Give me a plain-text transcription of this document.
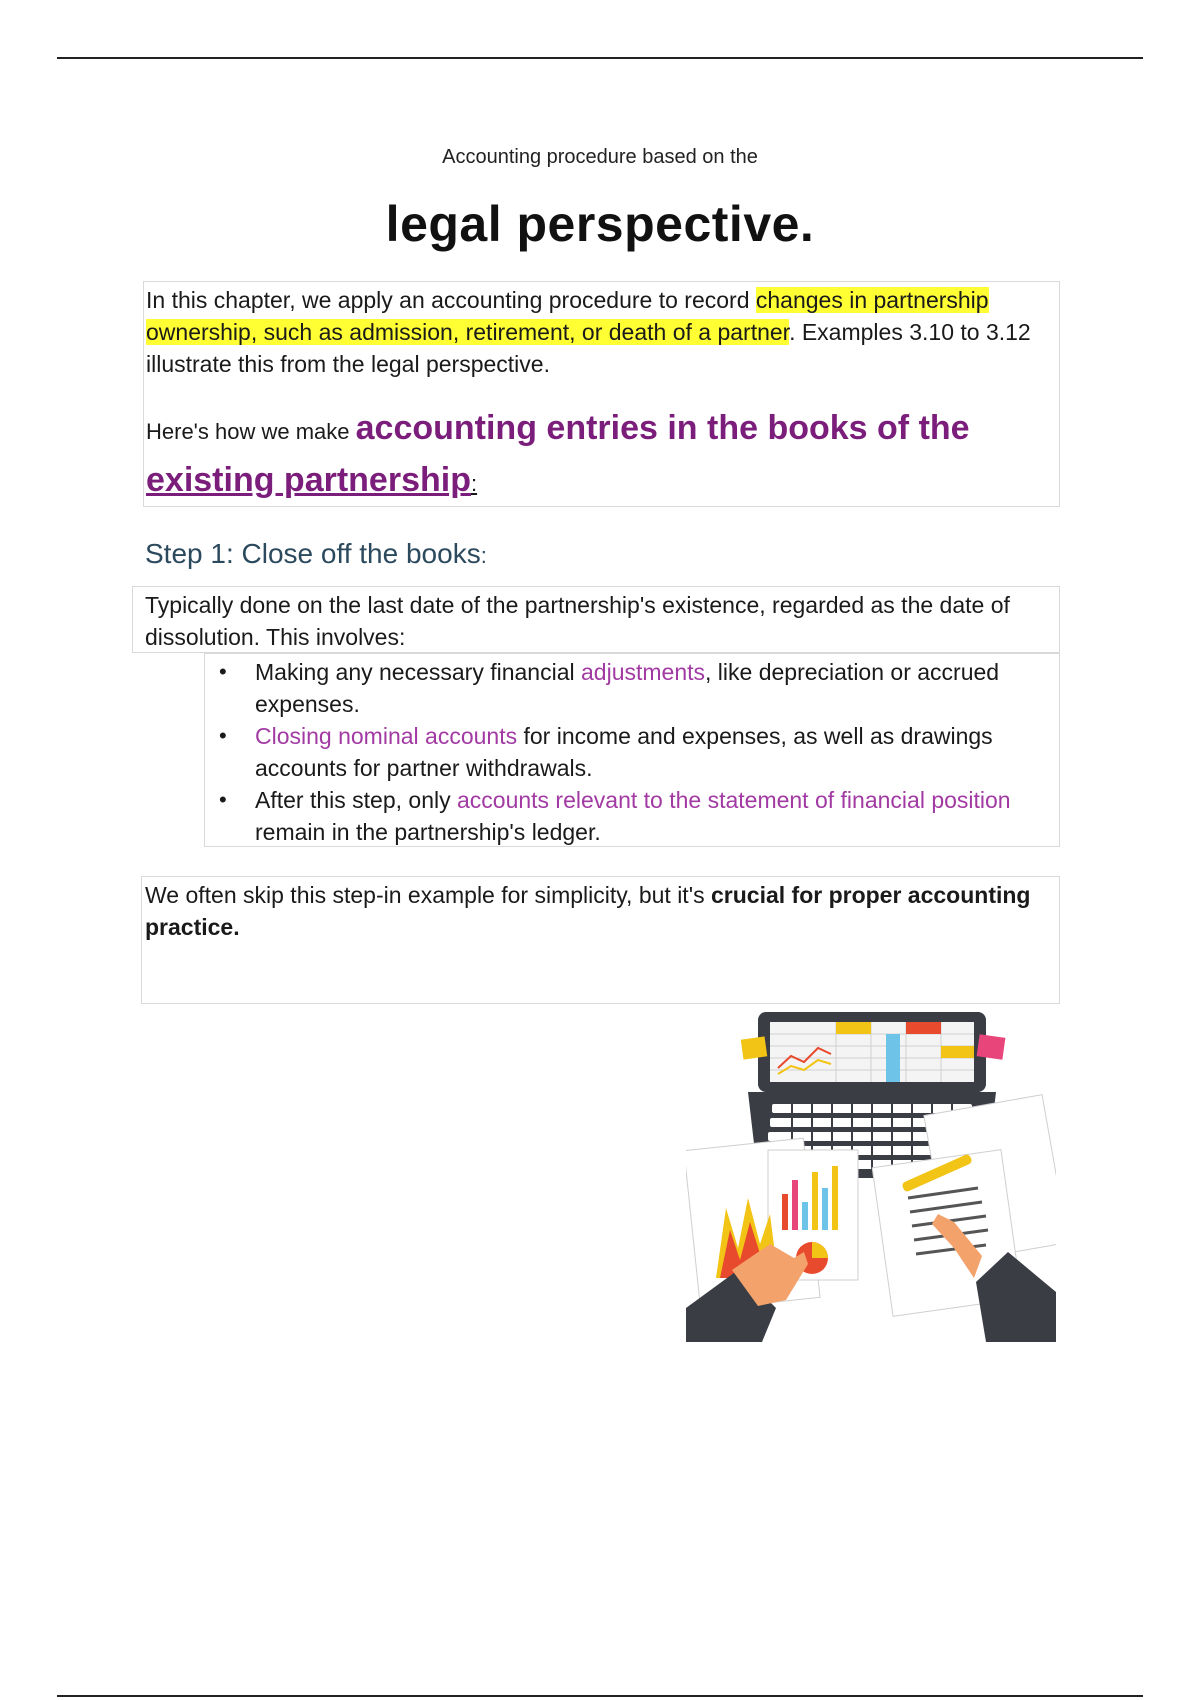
Accounting procedure based on the
legal perspective.

In this chapter, we apply an accounting procedure to record changes in partnership ownership, such as admission, retirement, or death of a partner. Examples 3.10 to 3.12 illustrate this from the legal perspective.

Here's how we make accounting entries in the books of the existing partnership:

Step 1: Close off the books:

Typically done on the last date of the partnership's existence, regarded as the date of dissolution. This involves:

• Making any necessary financial adjustments, like depreciation or accrued expenses.
• Closing nominal accounts for income and expenses, as well as drawings accounts for partner withdrawals.
• After this step, only accounts relevant to the statement of financial position remain in the partnership's ledger.

We often skip this step-in example for simplicity, but it's crucial for proper accounting practice.
